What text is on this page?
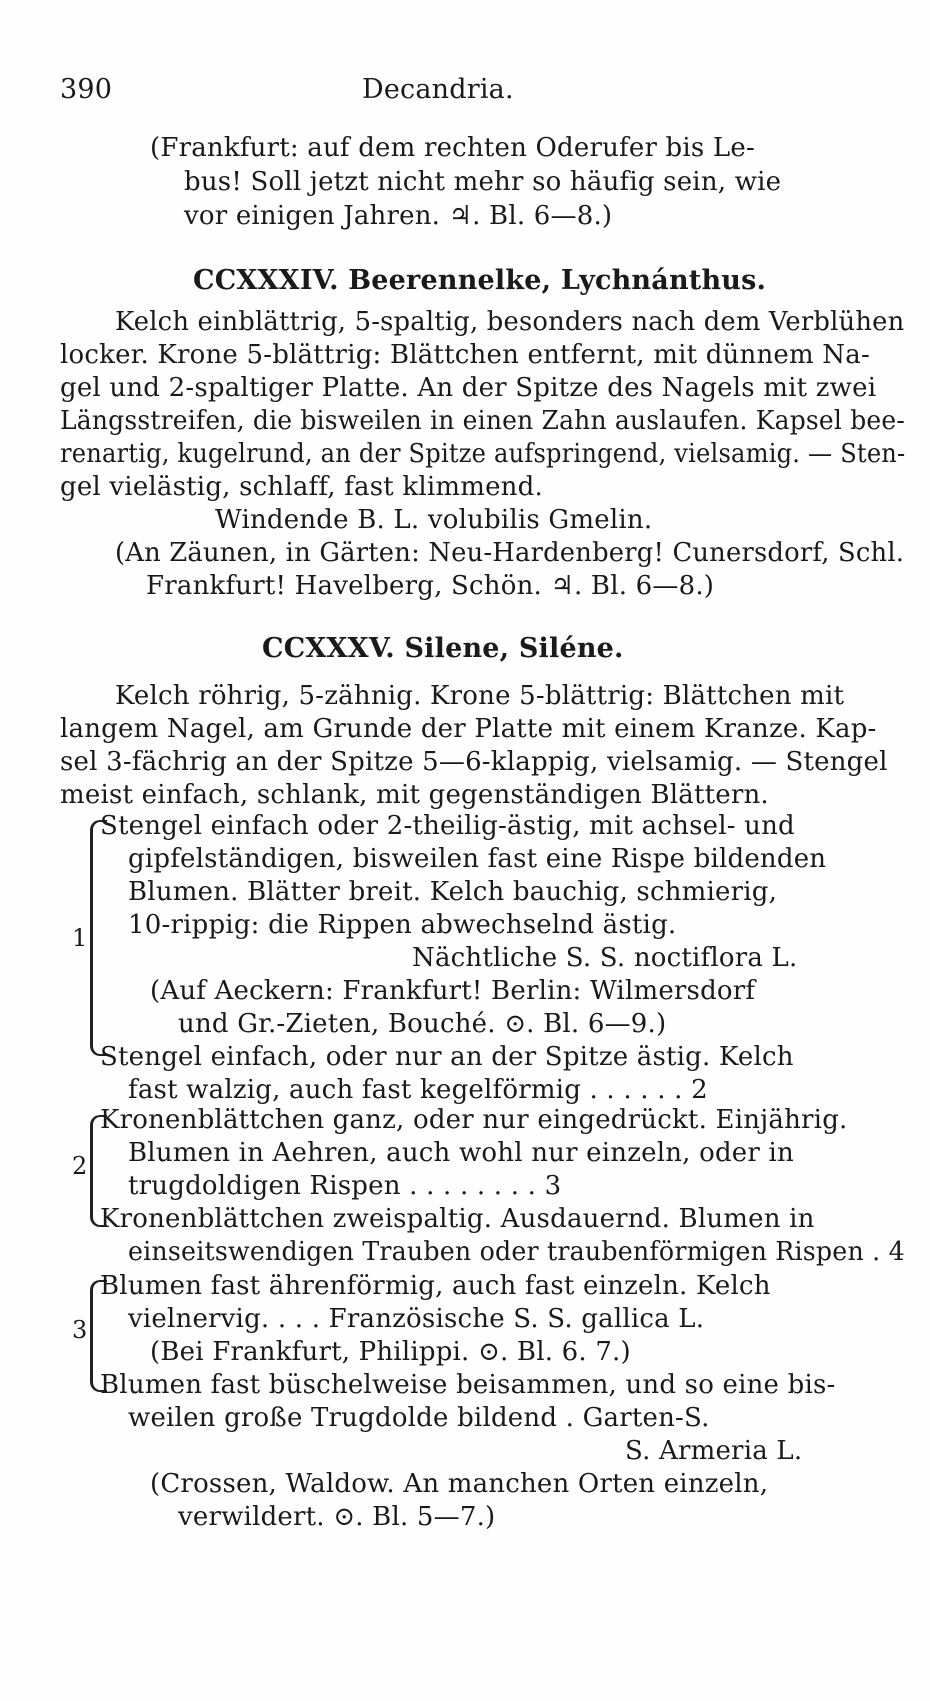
390	Decandria.
(Frankfurt: auf dem rechten Oderufer bis Le-
bus! Soll jetzt nicht mehr so häufig sein, wie
vor einigen Jahren. ♃. Bl. 6—8.)
CCXXXIV. Beerennelke, Lychnánthus.
Kelch einblättrig, 5-spaltig, besonders nach dem Verblühen
locker. Krone 5-blättrig: Blättchen entfernt, mit dünnem Na-
gel und 2-spaltiger Platte. An der Spitze des Nagels mit zwei
Längsstreifen, die bisweilen in einen Zahn auslaufen. Kapsel bee-
renartig, kugelrund, an der Spitze aufspringend, vielsamig. — Sten-
gel vielästig, schlaff, fast klimmend.
Windende B. L. volubilis Gmelin.
(An Zäunen, in Gärten: Neu-Hardenberg! Cunersdorf, Schl.
Frankfurt! Havelberg, Schön. ♃. Bl. 6—8.)
CCXXXV. Silene, Siléne.
Kelch röhrig, 5-zähnig. Krone 5-blättrig: Blättchen mit
langem Nagel, am Grunde der Platte mit einem Kranze. Kap-
sel 3-fächrig an der Spitze 5—6-klappig, vielsamig. — Stengel
meist einfach, schlank, mit gegenständigen Blättern.
1
Stengel einfach oder 2-theilig-ästig, mit achsel- und
gipfelständigen, bisweilen fast eine Rispe bildenden
Blumen. Blätter breit. Kelch bauchig, schmierig,
10-rippig: die Rippen abwechselnd ästig.
Nächtliche S. S. noctiflora L.
(Auf Aeckern: Frankfurt! Berlin: Wilmersdorf
und Gr.-Zieten, Bouché. ⊙. Bl. 6—9.)
Stengel einfach, oder nur an der Spitze ästig. Kelch
fast walzig, auch fast kegelförmig . . . . . . 2
2
Kronenblättchen ganz, oder nur eingedrückt. Einjährig.
Blumen in Aehren, auch wohl nur einzeln, oder in
trugdoldigen Rispen . . . . . . . . 3
Kronenblättchen zweispaltig. Ausdauernd. Blumen in
einseitswendigen Trauben oder traubenförmigen Rispen . 4
3
Blumen fast ährenförmig, auch fast einzeln. Kelch
vielnervig. . . . Französische S. S. gallica L.
(Bei Frankfurt, Philippi. ⊙. Bl. 6. 7.)
Blumen fast büschelweise beisammen, und so eine bis-
weilen große Trugdolde bildend . Garten-S.
S. Armeria L.
(Crossen, Waldow. An manchen Orten einzeln,
verwildert. ⊙. Bl. 5—7.)
